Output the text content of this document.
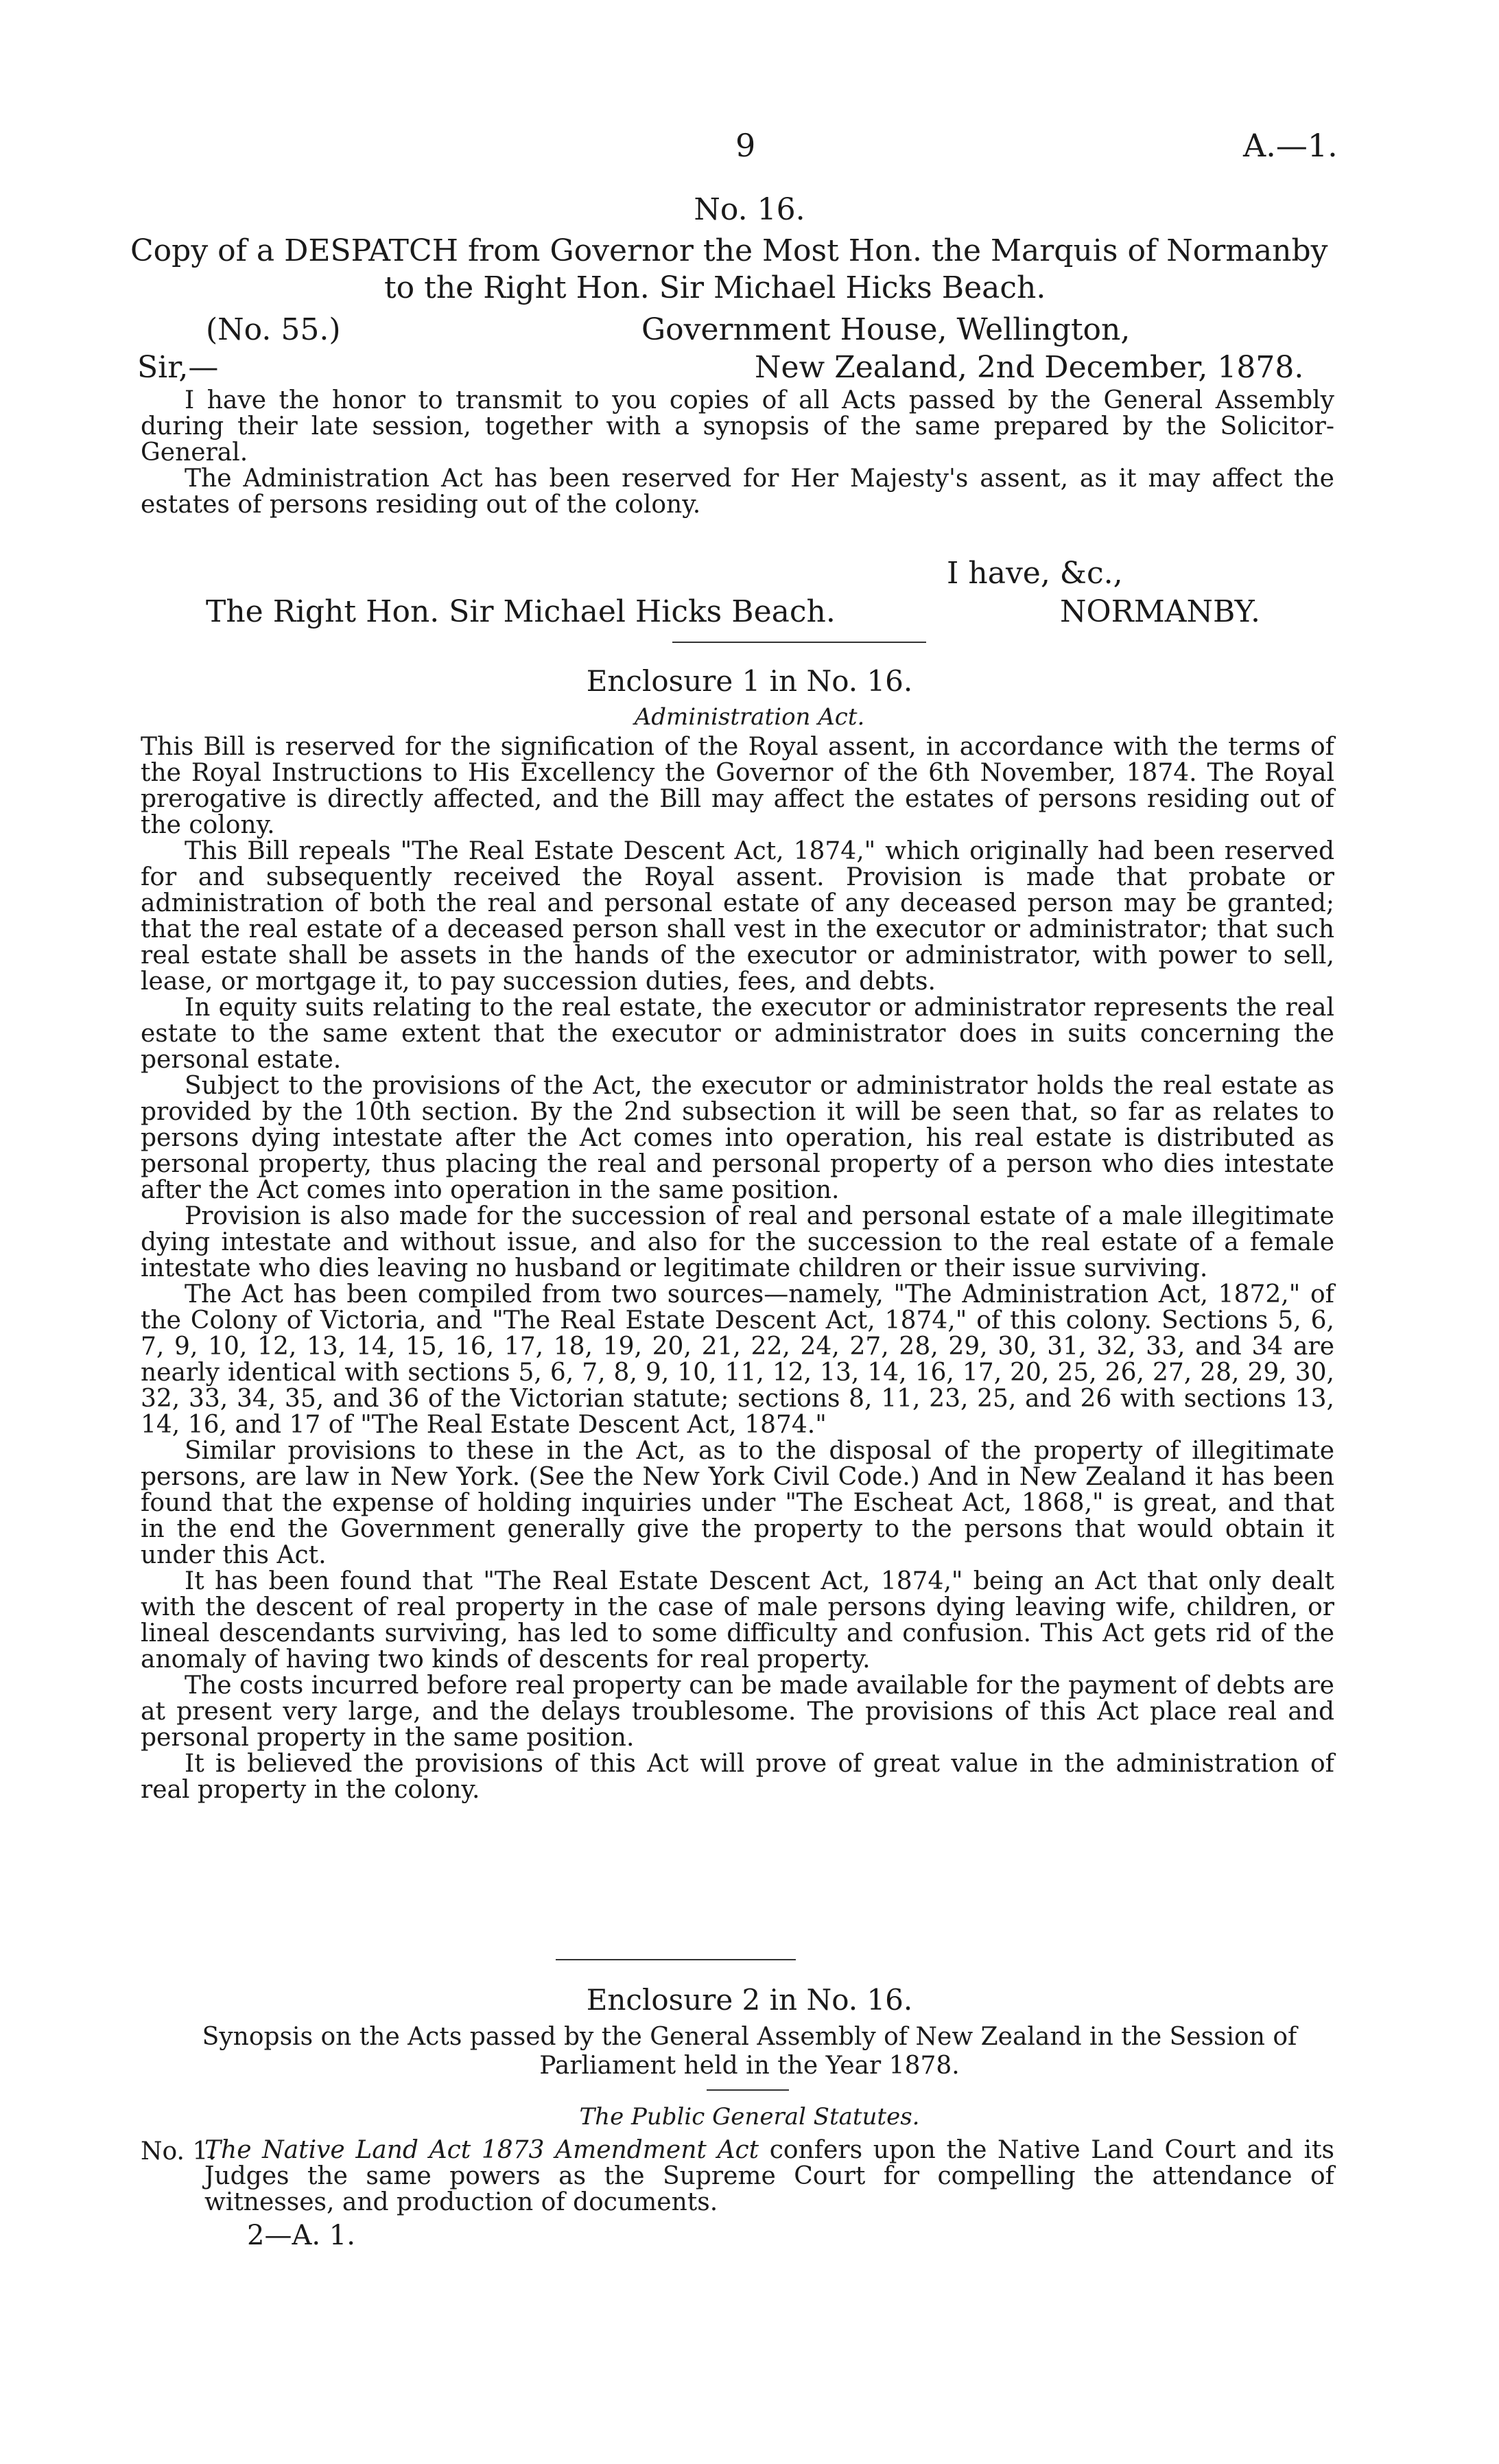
9	A.—1.
No. 16.
Copy of a DESPATCH from Governor the Most Hon. the Marquis of Normanby
to the Right Hon. Sir Michael Hicks Beach.
(No. 55.)	Government House, Wellington,
Sir,—	New Zealand, 2nd December, 1878.

I have the honor to transmit to you copies of all Acts passed by the General Assembly during their late session, together with a synopsis of the same prepared by the Solicitor-General.

The Administration Act has been reserved for Her Majesty's assent, as it may affect the estates of persons residing out of the colony.

I have, &c.,
The Right Hon. Sir Michael Hicks Beach.	NORMANBY.
Enclosure 1 in No. 16.
Administration Act.

This Bill is reserved for the signification of the Royal assent, in accordance with the terms of the Royal Instructions to His Excellency the Governor of the 6th November, 1874. The Royal prerogative is directly affected, and the Bill may affect the estates of persons residing out of the colony.

This Bill repeals "The Real Estate Descent Act, 1874," which originally had been reserved for and subsequently received the Royal assent. Provision is made that probate or administration of both the real and personal estate of any deceased person may be granted; that the real estate of a deceased person shall vest in the executor or administrator; that such real estate shall be assets in the hands of the executor or administrator, with power to sell, lease, or mortgage it, to pay succession duties, fees, and debts.

In equity suits relating to the real estate, the executor or administrator represents the real estate to the same extent that the executor or administrator does in suits concerning the personal estate.

Subject to the provisions of the Act, the executor or administrator holds the real estate as provided by the 10th section. By the 2nd subsection it will be seen that, so far as relates to persons dying intestate after the Act comes into operation, his real estate is distributed as personal property, thus placing the real and personal property of a person who dies intestate after the Act comes into operation in the same position.

Provision is also made for the succession of real and personal estate of a male illegitimate dying intestate and without issue, and also for the succession to the real estate of a female intestate who dies leaving no husband or legitimate children or their issue surviving.

The Act has been compiled from two sources—namely, "The Administration Act, 1872," of the Colony of Victoria, and "The Real Estate Descent Act, 1874," of this colony. Sections 5, 6, 7, 9, 10, 12, 13, 14, 15, 16, 17, 18, 19, 20, 21, 22, 24, 27, 28, 29, 30, 31, 32, 33, and 34 are nearly identical with sections 5, 6, 7, 8, 9, 10, 11, 12, 13, 14, 16, 17, 20, 25, 26, 27, 28, 29, 30, 32, 33, 34, 35, and 36 of the Victorian statute; sections 8, 11, 23, 25, and 26 with sections 13, 14, 16, and 17 of "The Real Estate Descent Act, 1874."

Similar provisions to these in the Act, as to the disposal of the property of illegitimate persons, are law in New York. (See the New York Civil Code.) And in New Zealand it has been found that the expense of holding inquiries under "The Escheat Act, 1868," is great, and that in the end the Government generally give the property to the persons that would obtain it under this Act.

It has been found that "The Real Estate Descent Act, 1874," being an Act that only dealt with the descent of real property in the case of male persons dying leaving wife, children, or lineal descendants surviving, has led to some difficulty and confusion. This Act gets rid of the anomaly of having two kinds of descents for real property.

The costs incurred before real property can be made available for the payment of debts are at present very large, and the delays troublesome. The provisions of this Act place real and personal property in the same position.

It is believed the provisions of this Act will prove of great value in the administration of real property in the colony.

Enclosure 2 in No. 16.
Synopsis on the Acts passed by the General Assembly of New Zealand in the Session of
Parliament held in the Year 1878.
The Public General Statutes.
No. 1.

The Native Land Act 1873 Amendment Act confers upon the Native Land Court and its Judges the same powers as the Supreme Court for compelling the attendance of witnesses, and production of documents.

2—A. 1.
